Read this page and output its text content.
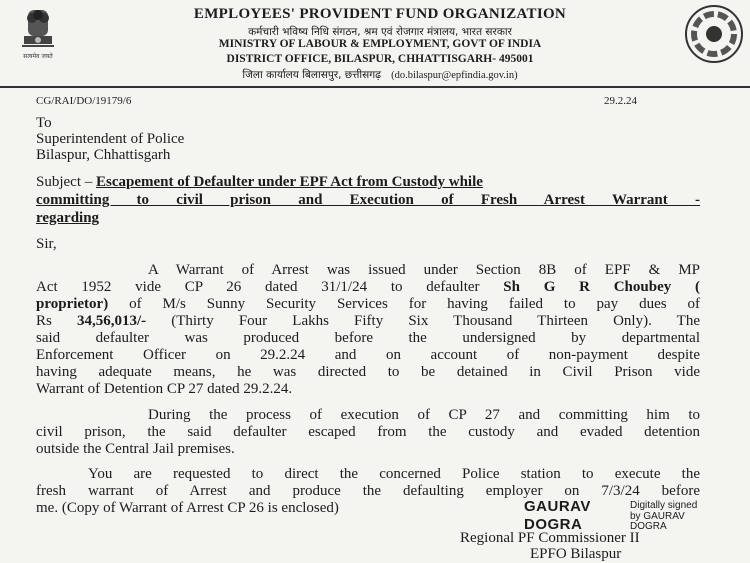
सत्यमेव जयते
EMPLOYEES' PROVIDENT FUND ORGANIZATION
कर्मचारी भविष्य निधि संगठन, श्रम एवं रोजगार मंत्रालय, भारत सरकार
MINISTRY OF LABOUR & EMPLOYMENT, GOVT OF INDIA
DISTRICT OFFICE, BILASPUR, CHHATTISGARH- 495001
जिला कार्यालय बिलासपुर, छत्तीसगढ़ (do.bilaspur@epfindia.gov.in)
CG/RAI/DO/19179/6	29.2.24
To
Superintendent of Police
Bilaspur, Chhattisgarh
Subject – Escapement of Defaulter under EPF Act from Custody while
committing to civil prison and Execution of Fresh Arrest Warrant -
regarding
Sir,
A Warrant of Arrest was issued under Section 8B of EPF & MP
Act 1952 vide CP 26 dated 31/1/24 to defaulter Sh G R Choubey (
proprietor) of M/s Sunny Security Services for having failed to pay dues of
Rs 34,56,013/- (Thirty Four Lakhs Fifty Six Thousand Thirteen Only). The
said defaulter was produced before the undersigned by departmental
Enforcement Officer on 29.2.24 and on account of non-payment despite
having adequate means, he was directed to be detained in Civil Prison vide
Warrant of Detention CP 27 dated 29.2.24.
During the process of execution of CP 27 and committing him to
civil prison, the said defaulter escaped from the custody and evaded detention
outside the Central Jail premises.
You are requested to direct the concerned Police station to execute the
fresh warrant of Arrest and produce the defaulting employer on 7/3/24 before
me. (Copy of Warrant of Arrest CP 26 is enclosed)	GAURAV
DOGRA
Digitally signed
by GAURAV
DOGRA
Regional PF Commissioner II
EPFO Bilaspur
